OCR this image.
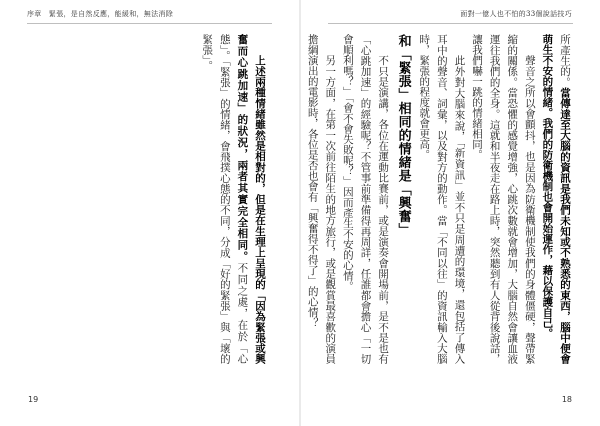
序章　緊張，是自然反應，能緩和，無法消除

上述兩種情緒雖然是相對的，但是在生理上呈現的「因為緊張或興奮而心跳加速」的狀況，兩者其實完全相同。不同之處，在於「心態」。「緊張」的情緒，會飛撲心態的不同，分成「好的緊張」與「壞的緊張」。

19
面對一億人也不怕的33個說話技巧

所產生的。當傳達至大腦的資訊是我們未知或不熟悉的東西，腦中便會萌生不安的情緒。我們的防衛機制也會開始運作，藉以保護自己。

聲音之所以會顫抖，也是因為防衛機制使我們的身體僵硬，聲帶緊縮的關係。當恐懼的感覺增強，心跳次數就會增加，大腦自然會讓血液運往我們的全身。這就和半夜走在路上時，突然聽到有人從背後說話，讓我們嚇一跳的情緒相同。

此外對大腦來說，「新資訊」並不只是周遭的環境，還包括了傳入耳中的聲音、詞彙，以及對方的動作。當「不同以往」的資訊輸入大腦時，緊張的程度就會更高。

和「緊張」相同的情緒是「興奮」

不只是演講，各位在運動比賽前，或是演奏會開場前，是不是也有「心跳加速」的經驗呢？不管事前準備得再周詳，任誰都會擔心「一切會順利嗎？」「會不會失敗呢？」因而產生不安的心情。

另一方面，在第一次前往陌生的地方旅行，或是觀賞最喜歡的演員擔綱演出的電影時，各位是否也會有「興奮得不得了」的心情？

18
